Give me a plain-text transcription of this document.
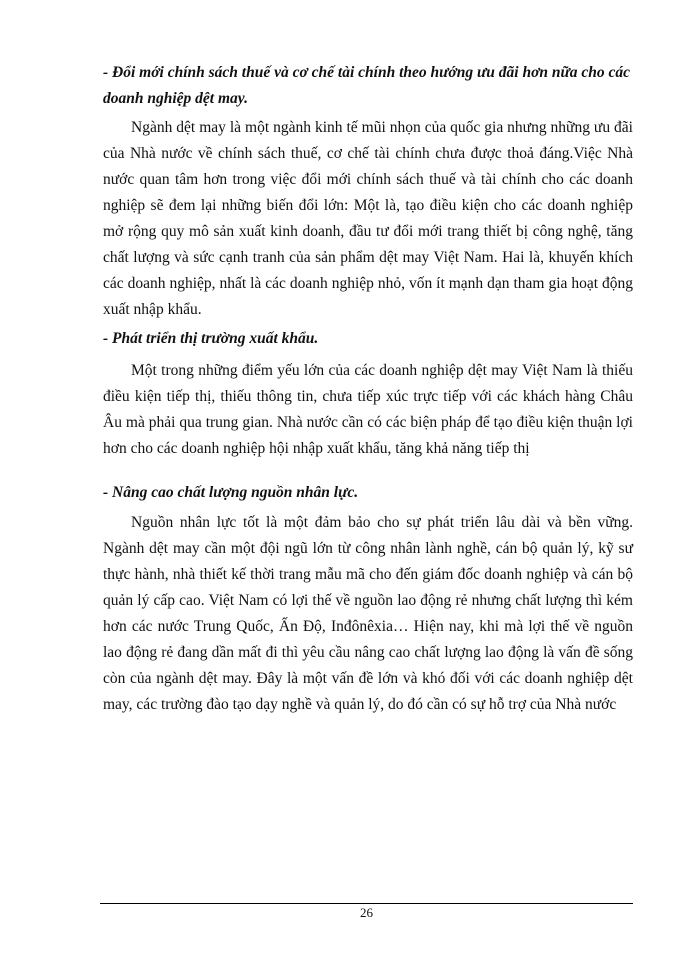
- Đổi mới chính sách thuế và cơ chế tài chính theo hướng ưu đãi hơn nữa cho các doanh nghiệp dệt may.

Ngành dệt may là một ngành kinh tế mũi nhọn của quốc gia nhưng những ưu đãi của Nhà nước về chính sách thuế, cơ chế tài chính chưa được thoả đáng.Việc Nhà nước quan tâm hơn trong việc đổi mới chính sách thuế và tài chính cho các doanh nghiệp sẽ đem lại những biến đổi lớn: Một là, tạo điều kiện cho các doanh nghiệp mở rộng quy mô sản xuất kinh doanh, đầu tư đổi mới trang thiết bị công nghệ, tăng chất lượng và sức cạnh tranh của sản phẩm dệt may Việt Nam. Hai là, khuyến khích các doanh nghiệp, nhất là các doanh nghiệp nhỏ, vốn ít mạnh dạn tham gia hoạt động xuất nhập khẩu.

- Phát triển thị trường xuất khẩu.

Một trong những điểm yếu lớn của các doanh nghiệp dệt may Việt Nam là thiếu điều kiện tiếp thị, thiếu thông tin, chưa tiếp xúc trực tiếp với các khách hàng Châu Âu mà phải qua trung gian. Nhà nước cần có các biện pháp để tạo điều kiện thuận lợi hơn cho các doanh nghiệp hội nhập xuất khẩu, tăng khả năng tiếp thị

- Nâng cao chất lượng nguồn nhân lực.

Nguồn nhân lực tốt là một đảm bảo cho sự phát triển lâu dài và bền vững. Ngành dệt may cần một đội ngũ lớn từ công nhân lành nghề, cán bộ quản lý, kỹ sư thực hành, nhà thiết kế thời trang mẫu mã cho đến giám đốc doanh nghiệp và cán bộ quản lý cấp cao. Việt Nam có lợi thế về nguồn lao động rẻ nhưng chất lượng thì kém hơn các nước Trung Quốc, Ấn Độ, Inđônêxia… Hiện nay, khi mà lợi thế về nguồn lao động rẻ đang dần mất đi thì yêu cầu nâng cao chất lượng lao động là vấn đề sống còn của ngành dệt may. Đây là một vấn đề lớn và khó đối với các doanh nghiệp dệt may, các trường đào tạo dạy nghề và quản lý, do đó cần có sự hỗ trợ của Nhà nước

26
